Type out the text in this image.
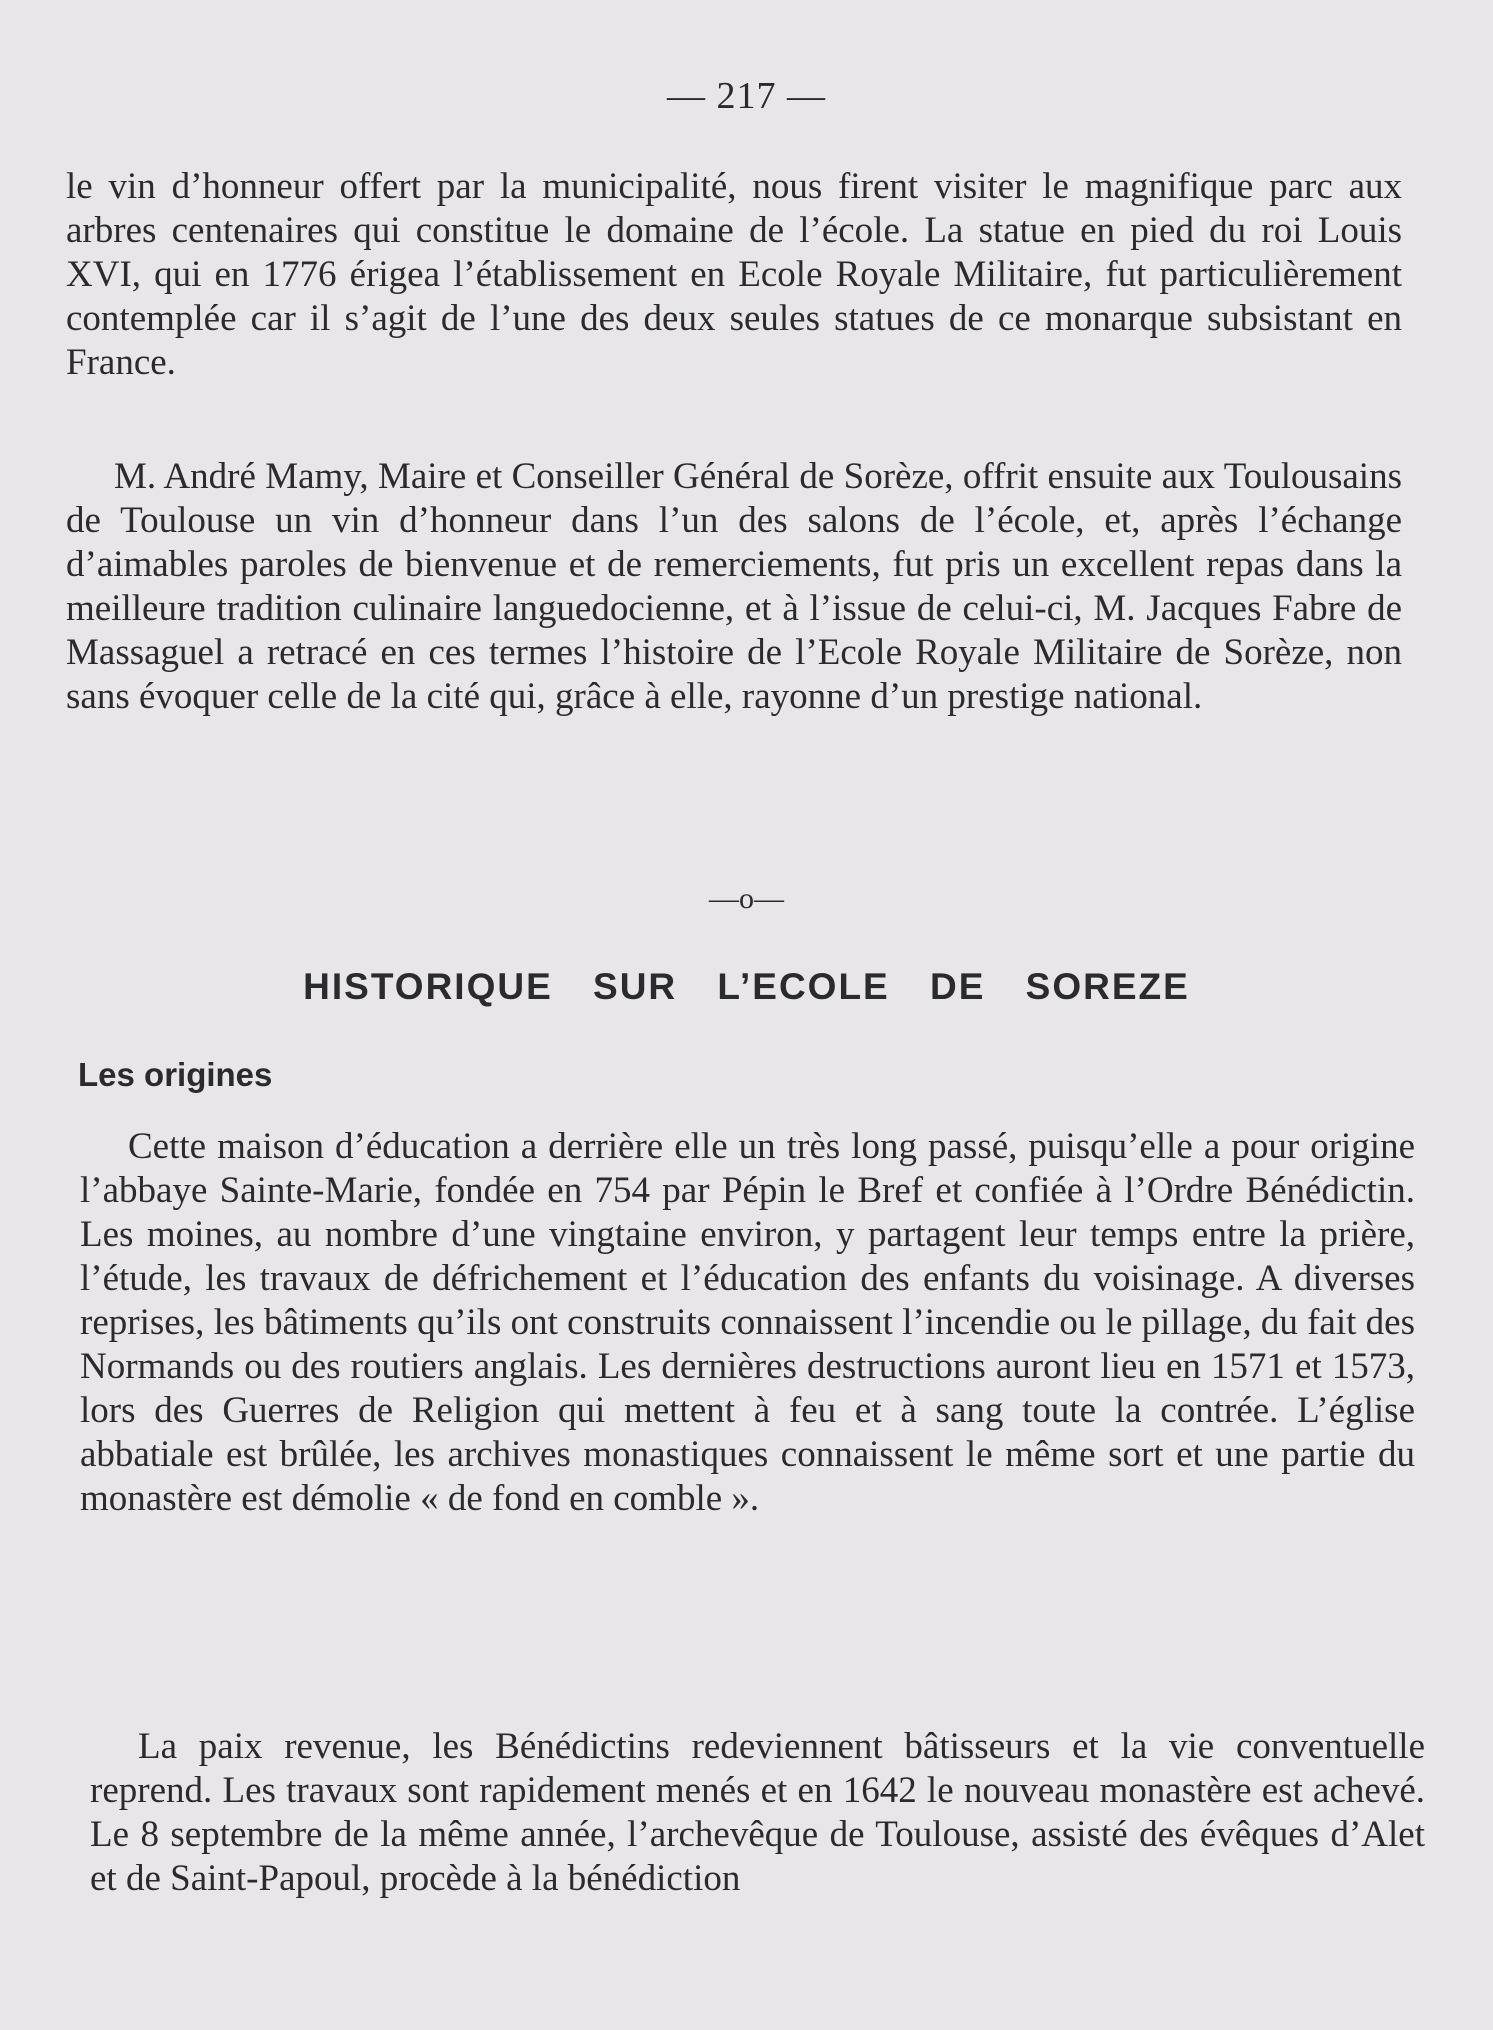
— 217 —

le vin d’honneur offert par la municipalité, nous firent visiter le magnifique parc aux arbres centenaires qui constitue le domaine de l’école. La statue en pied du roi Louis XVI, qui en 1776 érigea l’établissement en Ecole Royale Militaire, fut particulièrement contemplée car il s’agit de l’une des deux seules statues de ce monarque subsistant en France.

M. André Mamy, Maire et Conseiller Général de Sorèze, offrit ensuite aux Toulousains de Toulouse un vin d’honneur dans l’un des salons de l’école, et, après l’échange d’aimables paroles de bienvenue et de remerciements, fut pris un excellent repas dans la meilleure tradition culinaire languedocienne, et à l’issue de celui-ci, M. Jacques Fabre de Massaguel a retracé en ces termes l’histoire de l’Ecole Royale Militaire de Sorèze, non sans évoquer celle de la cité qui, grâce à elle, rayonne d’un prestige national.

—o—
HISTORIQUE SUR L’ECOLE DE SOREZE
Les origines

Cette maison d’éducation a derrière elle un très long passé, puisqu’elle a pour origine l’abbaye Sainte-Marie, fondée en 754 par Pépin le Bref et confiée à l’Ordre Bénédictin. Les moines, au nombre d’une vingtaine environ, y partagent leur temps entre la prière, l’étude, les travaux de défrichement et l’éducation des enfants du voisinage. A diverses reprises, les bâtiments qu’ils ont construits connaissent l’incendie ou le pillage, du fait des Normands ou des routiers anglais. Les dernières destructions auront lieu en 1571 et 1573, lors des Guerres de Religion qui mettent à feu et à sang toute la contrée. L’église abbatiale est brûlée, les archives monastiques connaissent le même sort et une partie du monastère est démolie « de fond en comble ».

La paix revenue, les Bénédictins redeviennent bâtisseurs et la vie conventuelle reprend. Les travaux sont rapidement menés et en 1642 le nouveau monastère est achevé. Le 8 septembre de la même année, l’archevêque de Toulouse, assisté des évêques d’Alet et de Saint-Papoul, procède à la bénédiction
